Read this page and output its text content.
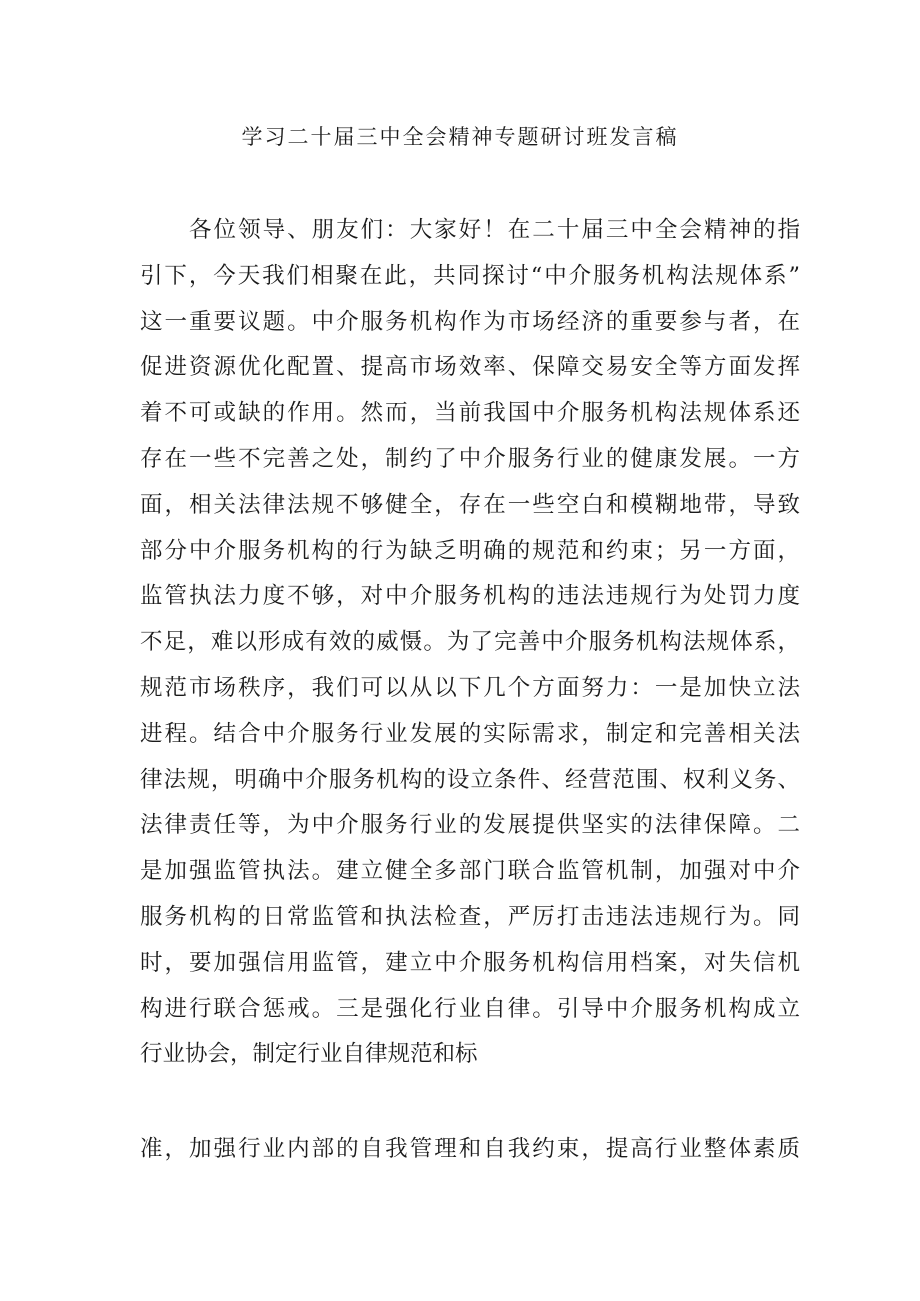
学习二十届三中全会精神专题研讨班发言稿
　　各位领导、朋友们：大家好！在二十届三中全会精神的指
引下，今天我们相聚在此，共同探讨“中介服务机构法规体系”
这一重要议题。中介服务机构作为市场经济的重要参与者，在
促进资源优化配置、提高市场效率、保障交易安全等方面发挥
着不可或缺的作用。然而，当前我国中介服务机构法规体系还
存在一些不完善之处，制约了中介服务行业的健康发展。一方
面，相关法律法规不够健全，存在一些空白和模糊地带，导致
部分中介服务机构的行为缺乏明确的规范和约束；另一方面，
监管执法力度不够，对中介服务机构的违法违规行为处罚力度
不足，难以形成有效的威慑。为了完善中介服务机构法规体系，
规范市场秩序，我们可以从以下几个方面努力：一是加快立法
进程。结合中介服务行业发展的实际需求，制定和完善相关法
律法规，明确中介服务机构的设立条件、经营范围、权利义务、
法律责任等，为中介服务行业的发展提供坚实的法律保障。二
是加强监管执法。建立健全多部门联合监管机制，加强对中介
服务机构的日常监管和执法检查，严厉打击违法违规行为。同
时，要加强信用监管，建立中介服务机构信用档案，对失信机
构进行联合惩戒。三是强化行业自律。引导中介服务机构成立
行业协会，制定行业自律规范和标
准，加强行业内部的自我管理和自我约束，提高行业整体素质
